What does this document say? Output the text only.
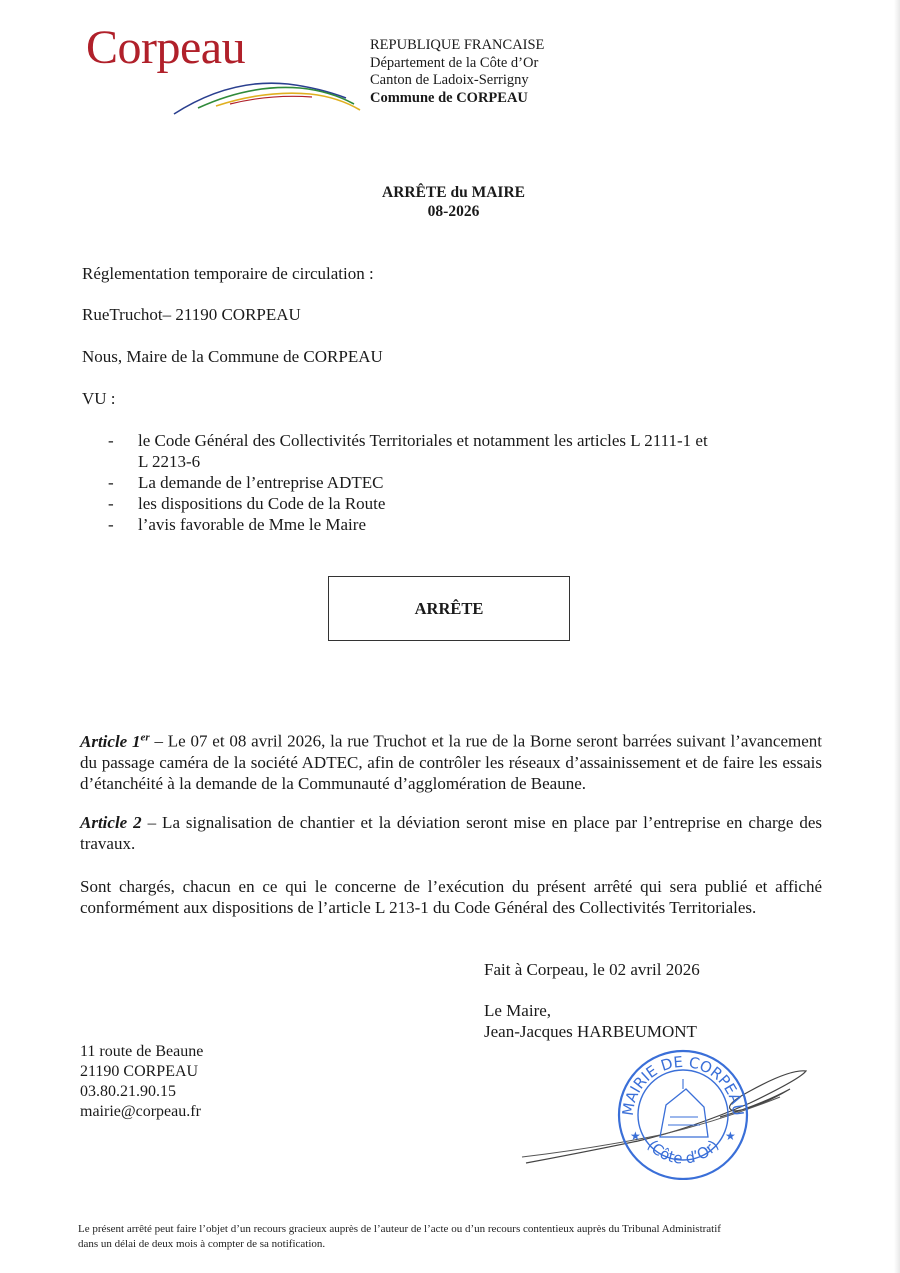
Corpeau	REPUBLIQUE FRANCAISE
Département de la Côte d’Or
Canton de Ladoix-Serrigny
Commune de CORPEAU
ARRÊTE du MAIRE
08-2026
Réglementation temporaire de circulation :
RueTruchot– 21190 CORPEAU
Nous, Maire de la Commune de CORPEAU
VU :
- le Code Général des Collectivités Territoriales et notamment les articles L 2111-1 et
L 2213-6
- La demande de l’entreprise ADTEC
- les dispositions du Code de la Route
- l’avis favorable de Mme le Maire
ARRÊTE
Article 1er – Le 07 et 08 avril 2026, la rue Truchot et la rue de la Borne seront barrées suivant l’avancement du passage caméra de la société ADTEC, afin de contrôler les réseaux d’assainissement et de faire les essais d’étanchéité à la demande de la Communauté d’agglomération de Beaune.
Article 2 – La signalisation de chantier et la déviation seront mise en place par l’entreprise en charge des travaux.
Sont chargés, chacun en ce qui le concerne de l’exécution du présent arrêté qui sera publié et affiché conformément aux dispositions de l’article L 213-1 du Code Général des Collectivités Territoriales.
Fait à Corpeau, le 02 avril 2026
Le Maire,
Jean-Jacques HARBEUMONT
11 route de Beaune
21190 CORPEAU
03.80.21.90.15
mairie@corpeau.fr	MAIRIE DE CORPEAU
(Côte d’Or)
★	★
Le présent arrêté peut faire l’objet d’un recours gracieux auprès de l’auteur de l’acte ou d’un recours contentieux auprès du Tribunal Administratif
dans un délai de deux mois à compter de sa notification.
